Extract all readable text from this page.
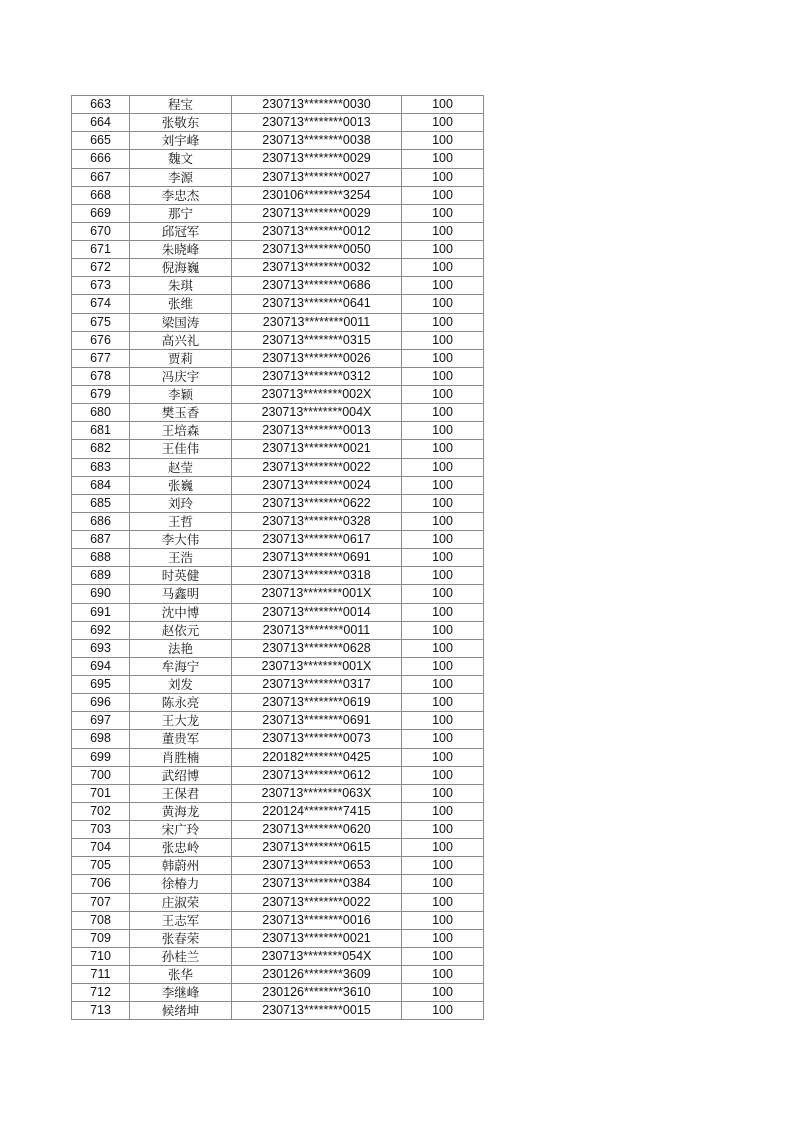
663	程宝	230713********0030	100
664	张敬东	230713********0013	100
665	刘宇峰	230713********0038	100
666	魏文	230713********0029	100
667	李源	230713********0027	100
668	李忠杰	230106********3254	100
669	那宁	230713********0029	100
670	邱冠军	230713********0012	100
671	朱晓峰	230713********0050	100
672	倪海巍	230713********0032	100
673	朱琪	230713********0686	100
674	张维	230713********0641	100
675	梁国涛	230713********0011	100
676	高兴礼	230713********0315	100
677	贾莉	230713********0026	100
678	冯庆宇	230713********0312	100
679	李颖	230713********002X	100
680	樊玉香	230713********004X	100
681	王培森	230713********0013	100
682	王佳伟	230713********0021	100
683	赵莹	230713********0022	100
684	张巍	230713********0024	100
685	刘玲	230713********0622	100
686	王哲	230713********0328	100
687	李大伟	230713********0617	100
688	王浩	230713********0691	100
689	时英健	230713********0318	100
690	马鑫明	230713********001X	100
691	沈中博	230713********0014	100
692	赵依元	230713********0011	100
693	法艳	230713********0628	100
694	牟海宁	230713********001X	100
695	刘发	230713********0317	100
696	陈永亮	230713********0619	100
697	王大龙	230713********0691	100
698	董贵军	230713********0073	100
699	肖胜楠	220182********0425	100
700	武绍博	230713********0612	100
701	王保君	230713********063X	100
702	黄海龙	220124********7415	100
703	宋广玲	230713********0620	100
704	张忠岭	230713********0615	100
705	韩蔚州	230713********0653	100
706	徐椿力	230713********0384	100
707	庄淑荣	230713********0022	100
708	王志军	230713********0016	100
709	张春荣	230713********0021	100
710	孙桂兰	230713********054X	100
711	张华	230126********3609	100
712	李继峰	230126********3610	100
713	候绪坤	230713********0015	100
